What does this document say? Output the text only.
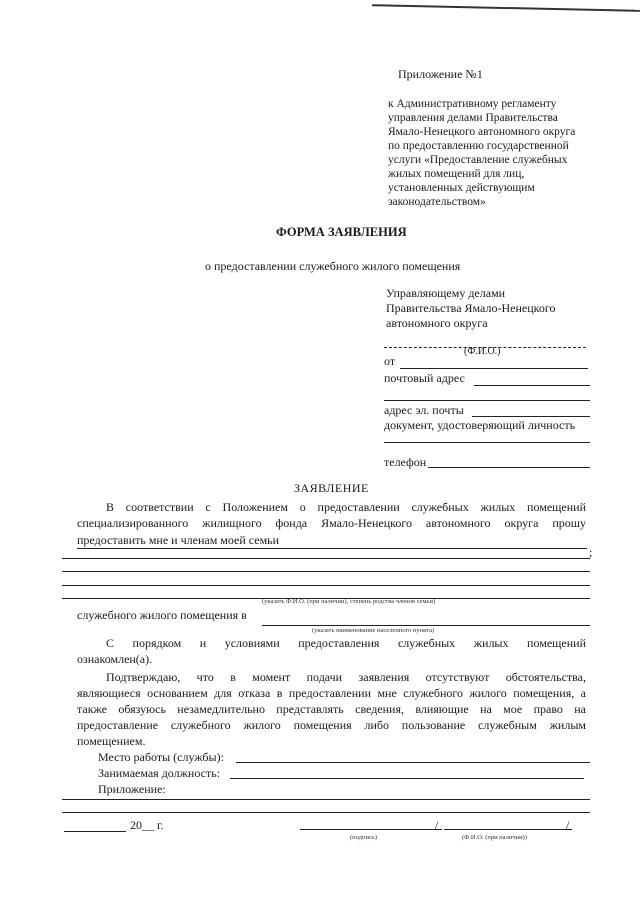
Приложение №1
к Административному регламенту
управления делами Правительства
Ямало-Ненецкого автономного округа
по предоставлению государственной
услуги «Предоставление служебных
жилых помещений для лиц,
установленных действующим
законодательством»
ФОРМА ЗАЯВЛЕНИЯ
о предоставлении служебного жилого помещения
Управляющему делами
Правительства Ямало-Ненецкого
автономного округа
(Ф.И.О.)
от
почтовый адрес
адрес эл. почты
документ, удостоверяющий личность
телефон
ЗАЯВЛЕНИЕ
В соответствии с Положением о предоставлении служебных жилых помещений
специализированного жилищного фонда Ямало-Ненецкого автономного округа прошу
предоставить мне и членам моей семьи
;
(указать Ф.И.О. (при наличии), степень родства членов семьи)
служебного жилого помещения в
(указать наименование населенного пункта)
С порядком и условиями предоставления служебных жилых помещений
ознакомлен(а).
Подтверждаю, что в момент подачи заявления отсутствуют обстоятельства,
являющиеся основанием для отказа в предоставлении мне служебного жилого помещения, а
также обязуюсь незамедлительно представлять сведения, влияющие на мое право на
предоставление служебного жилого помещения либо пользование служебным жилым
помещением.
Место работы (службы):
Занимаемая должность:
Приложение:
20__ г.	/	/
(подпись)	(Ф.И.О. (при наличии))
